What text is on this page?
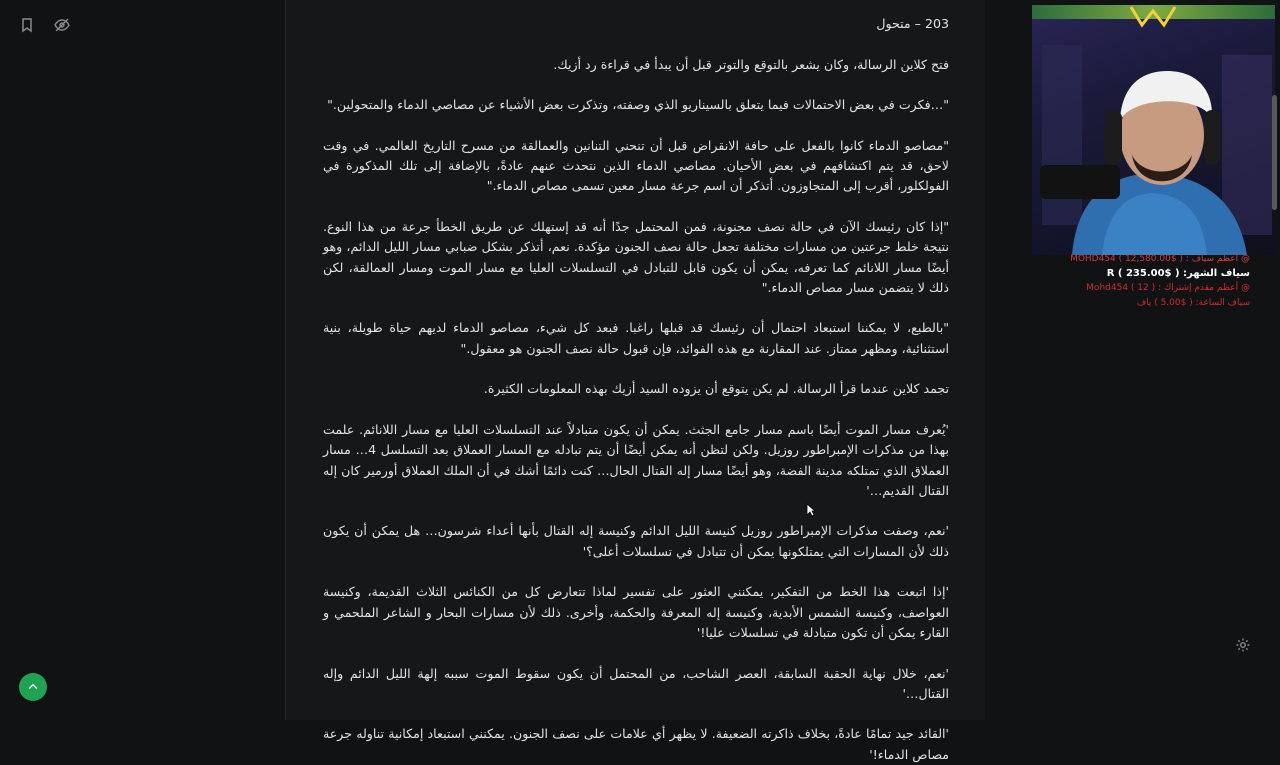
203 – متحول

فتح كلاين الرسالة، وكان يشعر بالتوقع والتوتر قبل أن يبدأ في قراءة رد أزيك.

"…فكرت في بعض الاحتمالات فيما يتعلق بالسيناريو الذي وصفته، وتذكرت بعض الأشياء عن مصاصي الدماء والمتحولين."

"مصاصو الدماء كانوا بالفعل على حافة الانقراض قبل أن تنحني التنانين والعمالقة من مسرح التاريخ العالمي. في وقت لاحق، قد يتم اكتشافهم في بعض الأحيان. مصاصي الدماء الذين نتحدث عنهم عادةً، بالإضافة إلى تلك المذكورة في الفولكلور، أقرب إلى المتجاوزون. أتذكر أن اسم جرعة مسار معين تسمى مصاص الدماء."

"إذا كان رئيسك الآن في حالة نصف مجنونة، فمن المحتمل جدًا أنه قد إستهلك عن طريق الخطأ جرعة من هذا النوع. نتيجة خلط جرعتين من مسارات مختلفة تجعل حالة نصف الجنون مؤكدة. نعم، أتذكر بشكل ضبابي مسار الليل الدائم، وهو أيضًا مسار اللانائم كما تعرفه، يمكن أن يكون قابل للتبادل في التسلسلات العليا مع مسار الموت ومسار العمالقة، لكن ذلك لا يتضمن مسار مصاص الدماء."

"بالطبع، لا يمكننا استبعاد احتمال أن رئيسك قد قبلها راغبا. فبعد كل شيء، مصاصو الدماء لديهم حياة طويلة، بنية استثنائية، ومظهر ممتاز. عند المقارنة مع هذه الفوائد، فإن قبول حالة نصف الجنون هو معقول."

تجمد كلاين عندما قرأ الرسالة. لم يكن يتوقع أن يزوده السيد أزيك بهذه المعلومات الكثيرة.

'يُعرف مسار الموت أيضًا باسم مسار جامع الجثث. يمكن أن يكون متبادلاً عند التسلسلات العليا مع مسار اللانائم. علمت بهذا من مذكرات الإمبراطور روزيل. ولكن لتظن أنه يمكن أيضًا أن يتم تبادله مع المسار العملاق بعد التسلسل 4… مسار العملاق الذي تمتلكه مدينة الفضة، وهو أيضًا مسار إله القتال الحال… كنت دائمًا أشك في أن الملك العملاق أورمير كان إله القتال القديم…'

'نعم، وصفت مذكرات الإمبراطور روزيل كنيسة الليل الدائم وكنيسة إله القتال بأنها أعداء شرسون… هل يمكن أن يكون ذلك لأن المسارات التي يمتلكونها يمكن أن تتبادل في تسلسلات أعلى؟'

'إذا اتبعت هذا الخط من التفكير، يمكنني العثور على تفسير لماذا تتعارض كل من الكنائس الثلاث القديمة، وكنيسة العواصف، وكنيسة الشمس الأبدية، وكنيسة إله المعرفة والحكمة، وأخرى. ذلك لأن مسارات البحار و الشاعر الملحمي و القارء يمكن أن تكون متبادلة في تسلسلات عليا!'

'نعم، خلال نهاية الحقبة السابقة، العصر الشاحب، من المحتمل أن يكون سقوط الموت سببه إلهة الليل الدائم وإله القتال…'

'القائد جيد تمامًا عادةً، بخلاف ذاكرته الضعيفة. لا يظهر أي علامات على نصف الجنون. يمكنني استبعاد إمكانية تناوله جرعة مصاص الدماء!'

@ أعظم سياف : ( $12,580.00 ) MOHD454
سياف الشهر: ( $235.00 ) R
@ أعظم مقدم إشتراك : ( 12 ) Mohd454
سياف الساعة: ( $5.00 ) ياف
